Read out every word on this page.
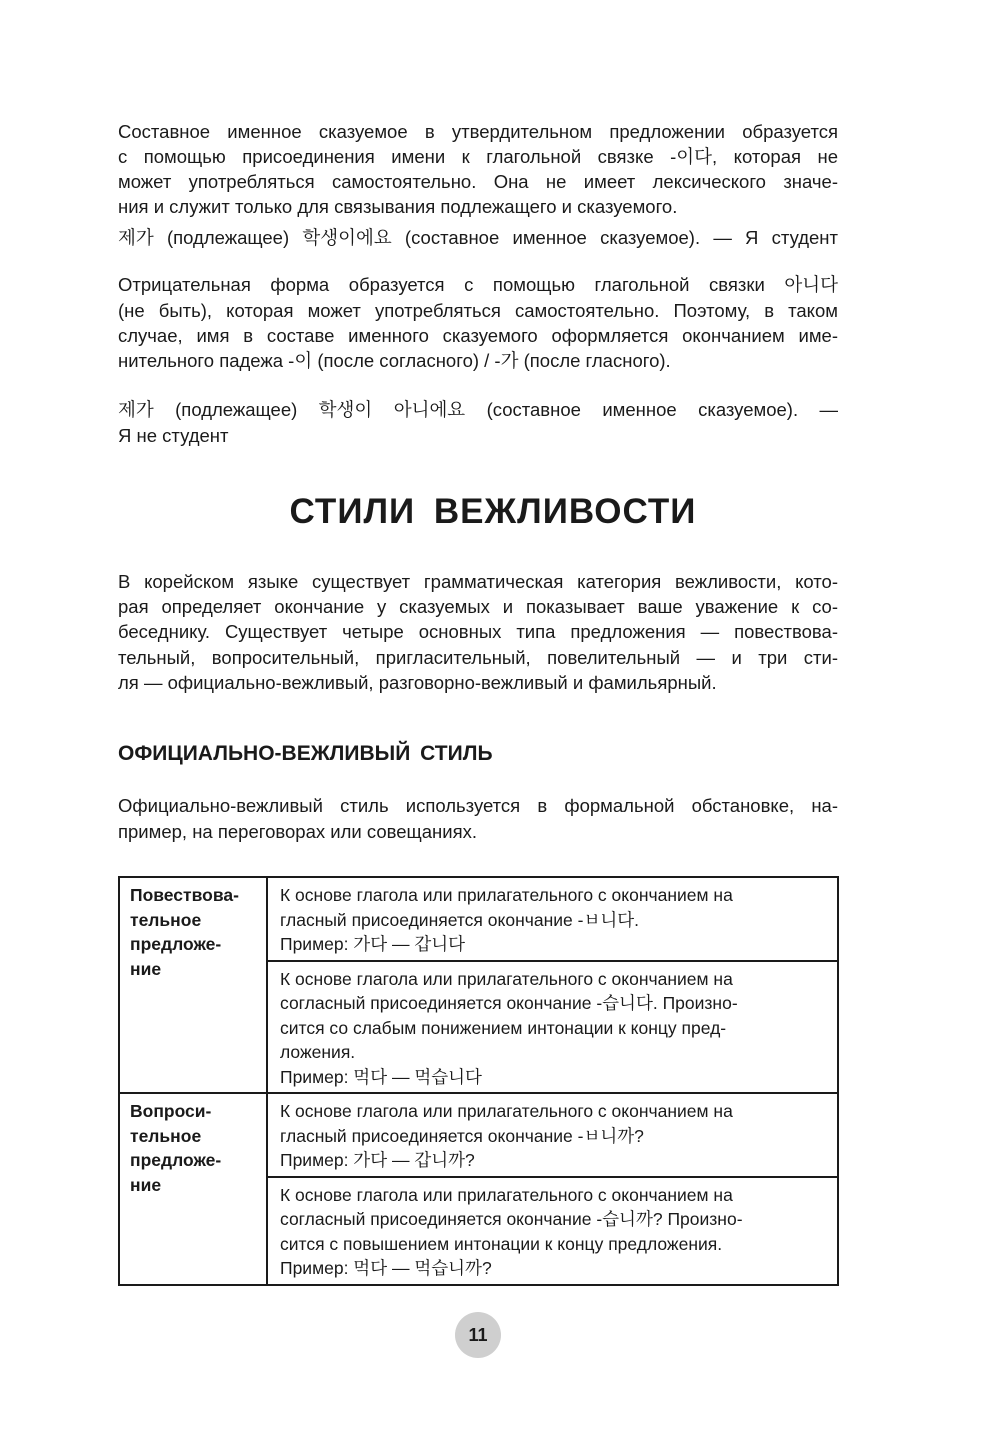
Составное именное сказуемое в утвердительном предложении образуется
с помощью присоединения имени к глагольной связке -이다, которая не
может употребляться самостоятельно. Она не имеет лексического значе-
ния и служит только для связывания подлежащего и сказуемого.
제가 (подлежащее) 학생이에요 (составное именное сказуемое). — Я студент
Отрицательная форма образуется с помощью глагольной связки 아니다
(не быть), которая может употребляться самостоятельно. Поэтому, в таком
случае, имя в составе именного сказуемого оформляется окончанием име-
нительного падежа -이 (после согласного) / -가 (после гласного).
제가 (подлежащее) 학생이 아니에요 (составное именное сказуемое). —
Я не студент
СТИЛИ ВЕЖЛИВОСТИ
В корейском языке существует грамматическая категория вежливости, кото-
рая определяет окончание у сказуемых и показывает ваше уважение к со-
беседнику. Существует четыре основных типа предложения — повествова-
тельный, вопросительный, пригласительный, повелительный — и три сти-
ля — официально-вежливый, разговорно-вежливый и фамильярный.
ОФИЦИАЛЬНО-ВЕЖЛИВЫЙ СТИЛЬ
Официально-вежливый стиль используется в формальной обстановке, на-
пример, на переговорах или совещаниях.
Повествова-
тельное
предложе-
ние	К основе глагола или прилагательного с окончанием на
гласный присоединяется окончание -ㅂ니다.
Пример: 가다 — 갑니다

	К основе глагола или прилагательного с окончанием на
согласный присоединяется окончание -습니다. Произно-
сится со слабым понижением интонации к концу пред-
ложения.
Пример: 먹다 — 먹습니다

Вопроси-
тельное
предложе-
ние	К основе глагола или прилагательного с окончанием на
гласный присоединяется окончание -ㅂ니까?
Пример: 가다 — 갑니까?

	К основе глагола или прилагательного с окончанием на
согласный присоединяется окончание -습니까? Произно-
сится с повышением интонации к концу предложения.
Пример: 먹다 — 먹습니까?
11
